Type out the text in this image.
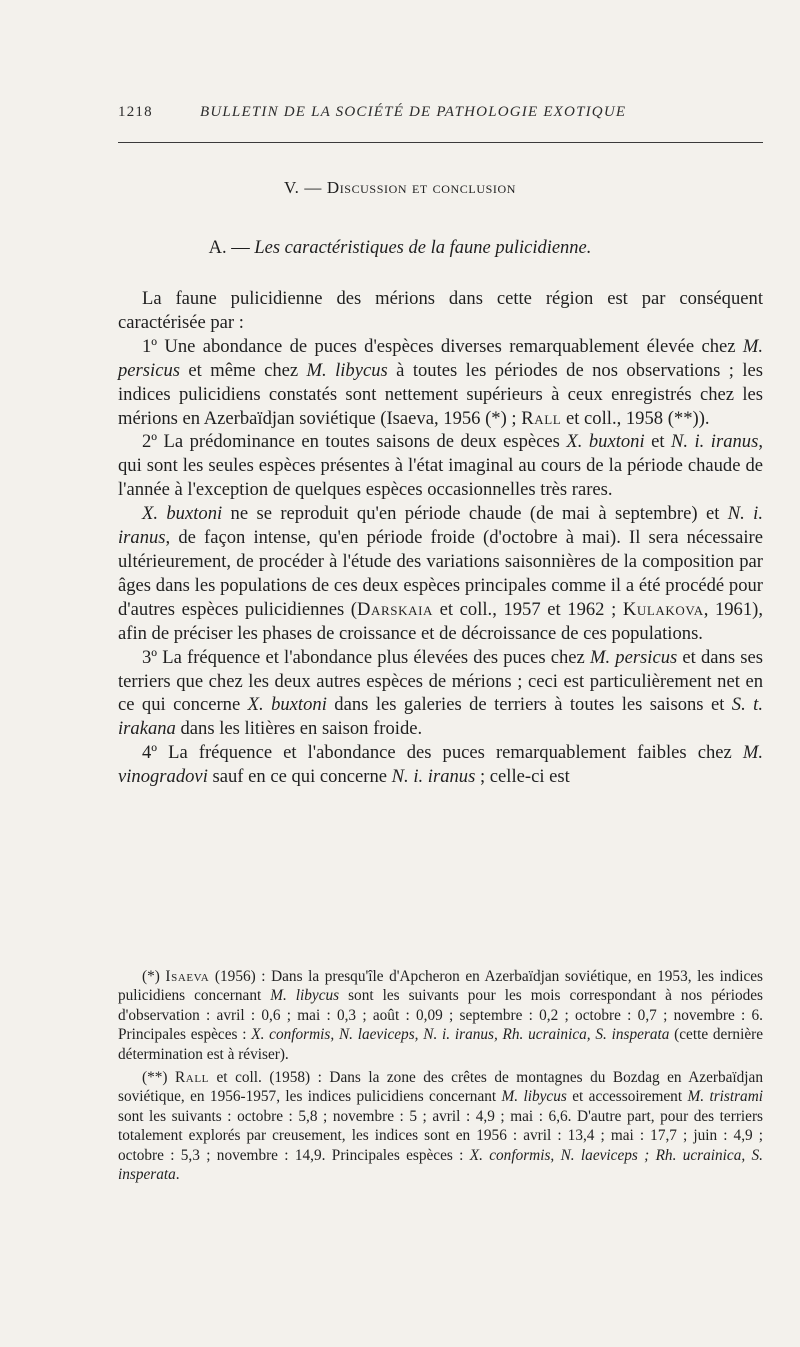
1218	BULLETIN DE LA SOCIÉTÉ DE PATHOLOGIE EXOTIQUE
V. — Discussion et conclusion
A. — Les caractéristiques de la faune pulicidienne.

La faune pulicidienne des mérions dans cette région est par conséquent caractérisée par :

1º Une abondance de puces d'espèces diverses remarquablement élevée chez M. persicus et même chez M. libycus à toutes les périodes de nos observations ; les indices pulicidiens constatés sont nettement supérieurs à ceux enregistrés chez les mérions en Azerbaïdjan soviétique (Isaeva, 1956 (*) ; Rall et coll., 1958 (**)).

2º La prédominance en toutes saisons de deux espèces X. buxtoni et N. i. iranus, qui sont les seules espèces présentes à l'état imaginal au cours de la période chaude de l'année à l'exception de quelques espèces occasionnelles très rares.

X. buxtoni ne se reproduit qu'en période chaude (de mai à septembre) et N. i. iranus, de façon intense, qu'en période froide (d'octobre à mai). Il sera nécessaire ultérieurement, de procéder à l'étude des variations saisonnières de la composition par âges dans les populations de ces deux espèces principales comme il a été procédé pour d'autres espèces pulicidiennes (Darskaia et coll., 1957 et 1962 ; Kulakova, 1961), afin de préciser les phases de croissance et de décroissance de ces populations.

3º La fréquence et l'abondance plus élevées des puces chez M. persicus et dans ses terriers que chez les deux autres espèces de mérions ; ceci est particulièrement net en ce qui concerne X. buxtoni dans les galeries de terriers à toutes les saisons et S. t. irakana dans les litières en saison froide.

4º La fréquence et l'abondance des puces remarquablement faibles chez M. vinogradovi sauf en ce qui concerne N. i. iranus ; celle-ci est

(*) Isaeva (1956) : Dans la presqu'île d'Apcheron en Azerbaïdjan soviétique, en 1953, les indices pulicidiens concernant M. libycus sont les suivants pour les mois correspondant à nos périodes d'observation : avril : 0,6 ; mai : 0,3 ; août : 0,09 ; septembre : 0,2 ; octobre : 0,7 ; novembre : 6. Principales espèces : X. conformis, N. laeviceps, N. i. iranus, Rh. ucrainica, S. insperata (cette dernière détermination est à réviser).

(**) Rall et coll. (1958) : Dans la zone des crêtes de montagnes du Bozdag en Azerbaïdjan soviétique, en 1956-1957, les indices pulicidiens concernant M. libycus et accessoirement M. tristrami sont les suivants : octobre : 5,8 ; novembre : 5 ; avril : 4,9 ; mai : 6,6. D'autre part, pour des terriers totalement explorés par creusement, les indices sont en 1956 : avril : 13,4 ; mai : 17,7 ; juin : 4,9 ; octobre : 5,3 ; novembre : 14,9. Principales espèces : X. conformis, N. laeviceps ; Rh. ucrainica, S. insperata.
